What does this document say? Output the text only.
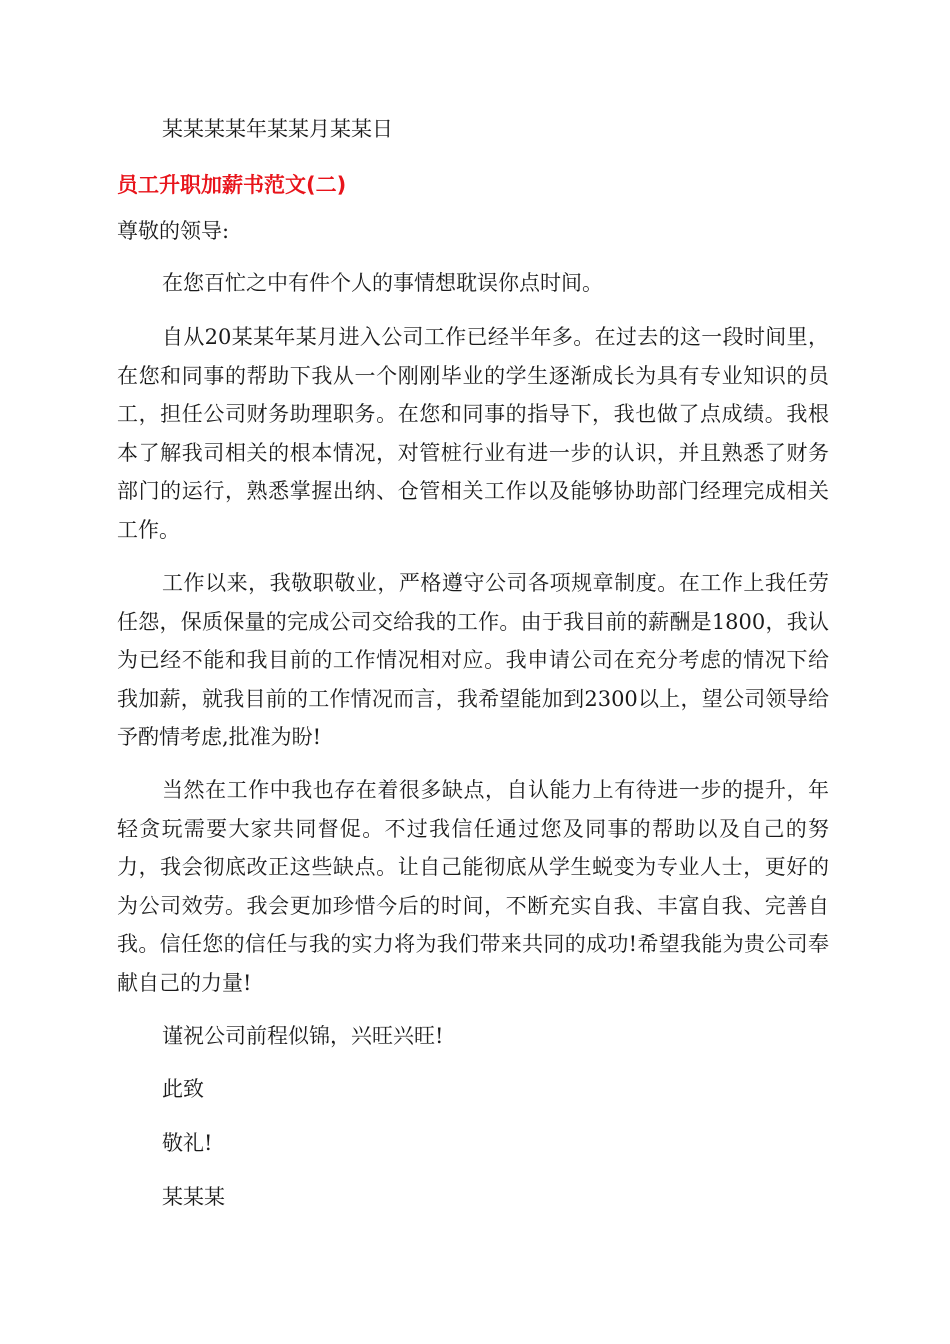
某某某某年某某月某某日
员工升职加薪书范文(二)
尊敬的领导:

在您百忙之中有件个人的事情想耽误你点时间。

自从20某某年某月进入公司工作已经半年多。在过去的这一段时间里，在您和同事的帮助下我从一个刚刚毕业的学生逐渐成长为具有专业知识的员工，担任公司财务助理职务。在您和同事的指导下，我也做了点成绩。我根本了解我司相关的根本情况，对管桩行业有进一步的认识，并且熟悉了财务部门的运行，熟悉掌握出纳、仓管相关工作以及能够协助部门经理完成相关工作。

工作以来，我敬职敬业，严格遵守公司各项规章制度。在工作上我任劳任怨，保质保量的完成公司交给我的工作。由于我目前的薪酬是1800，我认为已经不能和我目前的工作情况相对应。我申请公司在充分考虑的情况下给我加薪，就我目前的工作情况而言，我希望能加到2300以上，望公司领导给予酌情考虑,批准为盼!

当然在工作中我也存在着很多缺点，自认能力上有待进一步的提升，年轻贪玩需要大家共同督促。不过我信任通过您及同事的帮助以及自己的努力，我会彻底改正这些缺点。让自己能彻底从学生蜕变为专业人士，更好的为公司效劳。我会更加珍惜今后的时间，不断充实自我、丰富自我、完善自我。信任您的信任与我的实力将为我们带来共同的成功!希望我能为贵公司奉献自己的力量!

谨祝公司前程似锦，兴旺兴旺!
此致
敬礼!
某某某
